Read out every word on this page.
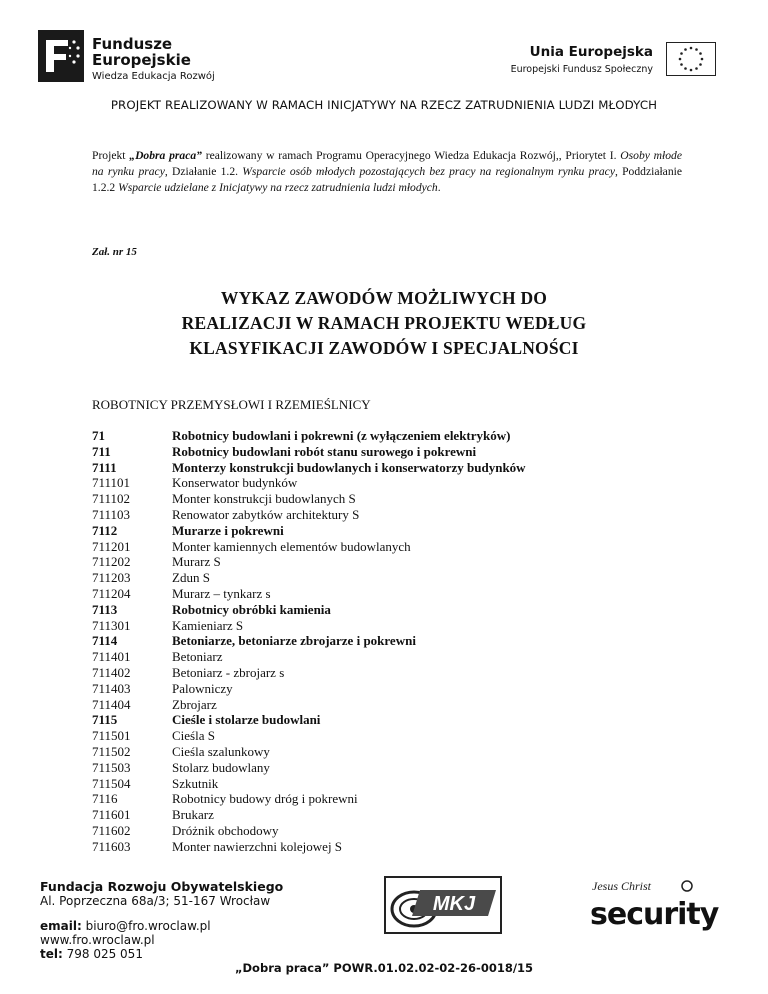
Fundusze
Europejskie
Wiedza Edukacja Rozwój
Unia Europejska
Europejski Fundusz Społeczny
PROJEKT REALIZOWANY W RAMACH INICJATYWY NA RZECZ ZATRUDNIENIA LUDZI MŁODYCH
Projekt „Dobra praca” realizowany w ramach Programu Operacyjnego Wiedza Edukacja Rozwój,, Priorytet I. Osoby młode na rynku pracy, Działanie 1.2. Wsparcie osób młodych pozostających bez pracy na regionalnym rynku pracy, Poddziałanie 1.2.2 Wsparcie udzielane z Inicjatywy na rzecz zatrudnienia ludzi młodych.
Zał. nr 15
WYKAZ ZAWODÓW MOŻLIWYCH DO
REALIZACJI W RAMACH PROJEKTU WEDŁUG
KLASYFIKACJI ZAWODÓW I SPECJALNOŚCI
ROBOTNICY PRZEMYSŁOWI I RZEMIEŚLNICY
71	Robotnicy budowlani i pokrewni (z wyłączeniem elektryków)
711	Robotnicy budowlani robót stanu surowego i pokrewni
7111	Monterzy konstrukcji budowlanych i konserwatorzy budynków
711101	Konserwator budynków
711102	Monter konstrukcji budowlanych S
711103	Renowator zabytków architektury S
7112	Murarze i pokrewni
711201	Monter kamiennych elementów budowlanych
711202	Murarz S
711203	Zdun S
711204	Murarz – tynkarz s
7113	Robotnicy obróbki kamienia
711301	Kamieniarz S
7114	Betoniarze, betoniarze zbrojarze i pokrewni
711401	Betoniarz
711402	Betoniarz - zbrojarz s
711403	Palowniczy
711404	Zbrojarz
7115	Cieśle i stolarze budowlani
711501	Cieśla S
711502	Cieśla szalunkowy
711503	Stolarz budowlany
711504	Szkutnik
7116	Robotnicy budowy dróg i pokrewni
711601	Brukarz
711602	Dróżnik obchodowy
711603	Monter nawierzchni kolejowej S
Fundacja Rozwoju Obywatelskiego
Al. Poprzeczna 68a/3; 51-167 Wrocław
email: biuro@fro.wroclaw.pl
www.fro.wroclaw.pl
tel: 798 025 051
MKJ
Jesus Christ
security
„Dobra praca” POWR.01.02.02-02-26-0018/15
